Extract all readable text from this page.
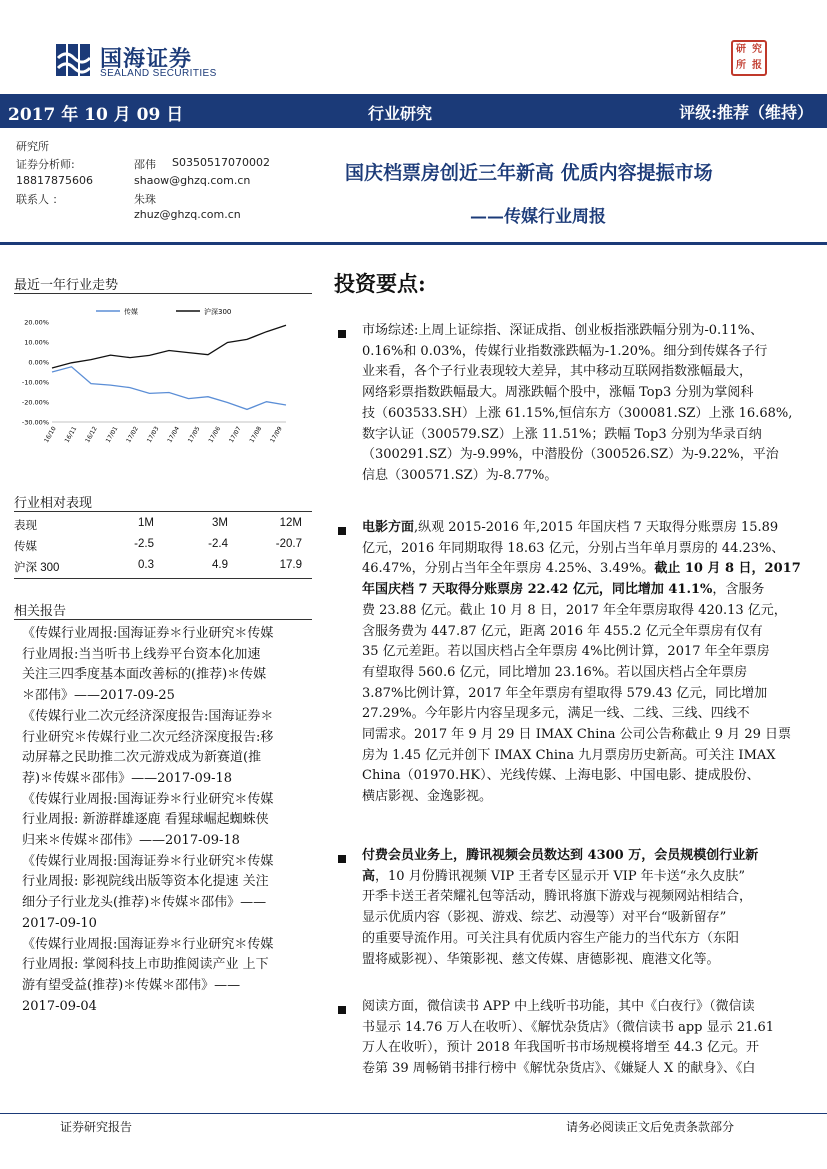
国海证券
SEALAND SECURITIES
研 究
所 报
2017 年 10 月 09 日	行业研究	评级:推荐（维持）
研究所
证券分析师:	邵伟 S0350517070002
18817875606	shaow@ghzq.com.cn
联系人 ：	朱珠
zhuz@ghzq.com.cn
国庆档票房创近三年新高 优质内容提振市场
——传媒行业周报
最近一年行业走势
传媒	沪深300
20.00%
10.00%
0.00%
-10.00%
-20.00%
-30.00%
16/10 16/11 16/12 17/01 17/02 17/03 17/04 17/05 17/06 17/07 17/08 17/09
行业相对表现
表现	1M	3M	12M
传媒	-2.5	-2.4	-20.7
沪深 300	0.3	4.9	17.9
相关报告

《传媒行业周报:国海证券＊行业研究＊传媒

行业周报:当当听书上线券平台资本化加速

关注三四季度基本面改善标的(推荐)＊传媒

＊邵伟》——2017-09-25

《传媒行业二次元经济深度报告:国海证券＊

行业研究＊传媒行业二次元经济深度报告:移

动屏幕之民助推二次元游戏成为新赛道(推

荐)＊传媒＊邵伟》——2017-09-18

《传媒行业周报:国海证券＊行业研究＊传媒

行业周报: 新游群雄逐鹿 看猩球崛起蜘蛛侠

归来＊传媒＊邵伟》——2017-09-18

《传媒行业周报:国海证券＊行业研究＊传媒

行业周报: 影视院线出版等资本化提速 关注

细分子行业龙头(推荐)＊传媒＊邵伟》——

2017-09-10

《传媒行业周报:国海证券＊行业研究＊传媒

行业周报: 掌阅科技上市助推阅读产业 上下

游有望受益(推荐)＊传媒＊邵伟》——

2017-09-04

投资要点:

市场综述:上周上证综指、深证成指、创业板指涨跌幅分别为-0.11%、

0.16%和 0.03%，传媒行业指数涨跌幅为-1.20%。细分到传媒各子行

业来看，各个子行业表现较大差异，其中移动互联网指数涨幅最大，

网络彩票指数跌幅最大。周涨跌幅个股中，涨幅 Top3 分别为掌阅科

技（603533.SH）上涨 61.15%,恒信东方（300081.SZ）上涨 16.68%,

数字认证（300579.SZ）上涨 11.51%；跌幅 Top3 分别为华录百纳

（300291.SZ）为-9.99%，中潜股份（300526.SZ）为-9.22%，平治

信息（300571.SZ）为-8.77%。

电影方面,纵观 2015-2016 年,2015 年国庆档 7 天取得分账票房 15.89

亿元，2016 年同期取得 18.63 亿元，分别占当年单月票房的 44.23%、

46.47%，分别占当年全年票房 4.25%、3.49%。截止 10 月 8 日，2017

年国庆档 7 天取得分账票房 22.42 亿元，同比增加 41.1%，含服务

费 23.88 亿元。截止 10 月 8 日，2017 年全年票房取得 420.13 亿元，

含服务费为 447.87 亿元，距离 2016 年 455.2 亿元全年票房有仅有

35 亿元差距。若以国庆档占全年票房 4%比例计算，2017 年全年票房

有望取得 560.6 亿元，同比增加 23.16%。若以国庆档占全年票房

3.87%比例计算，2017 年全年票房有望取得 579.43 亿元，同比增加

27.29%。今年影片内容呈现多元，满足一线、二线、三线、四线不

同需求。2017 年 9 月 29 日 IMAX China 公司公告称截止 9 月 29 日票

房为 1.45 亿元并创下 IMAX China 九月票房历史新高。可关注 IMAX

China（01970.HK）、光线传媒、上海电影、中国电影、捷成股份、

横店影视、金逸影视。

付费会员业务上，腾讯视频会员数达到 4300 万，会员规模创行业新

高，10 月份腾讯视频 VIP 王者专区显示开 VIP 年卡送“永久皮肤”

开季卡送王者荣耀礼包等活动，腾讯将旗下游戏与视频网站相结合，

显示优质内容（影视、游戏、综艺、动漫等）对平台“吸新留存”

的重要导流作用。可关注具有优质内容生产能力的当代东方（东阳

盟将威影视）、华策影视、慈文传媒、唐德影视、鹿港文化等。

阅读方面，微信读书 APP 中上线听书功能，其中《白夜行》（微信读

书显示 14.76 万人在收听）、《解忧杂货店》（微信读书 app 显示 21.61

万人在收听），预计 2018 年我国听书市场规模将增至 44.3 亿元。开

卷第 39 周畅销书排行榜中《解忧杂货店》、《嫌疑人 X 的献身》、《白

证券研究报告	请务必阅读正文后免责条款部分
